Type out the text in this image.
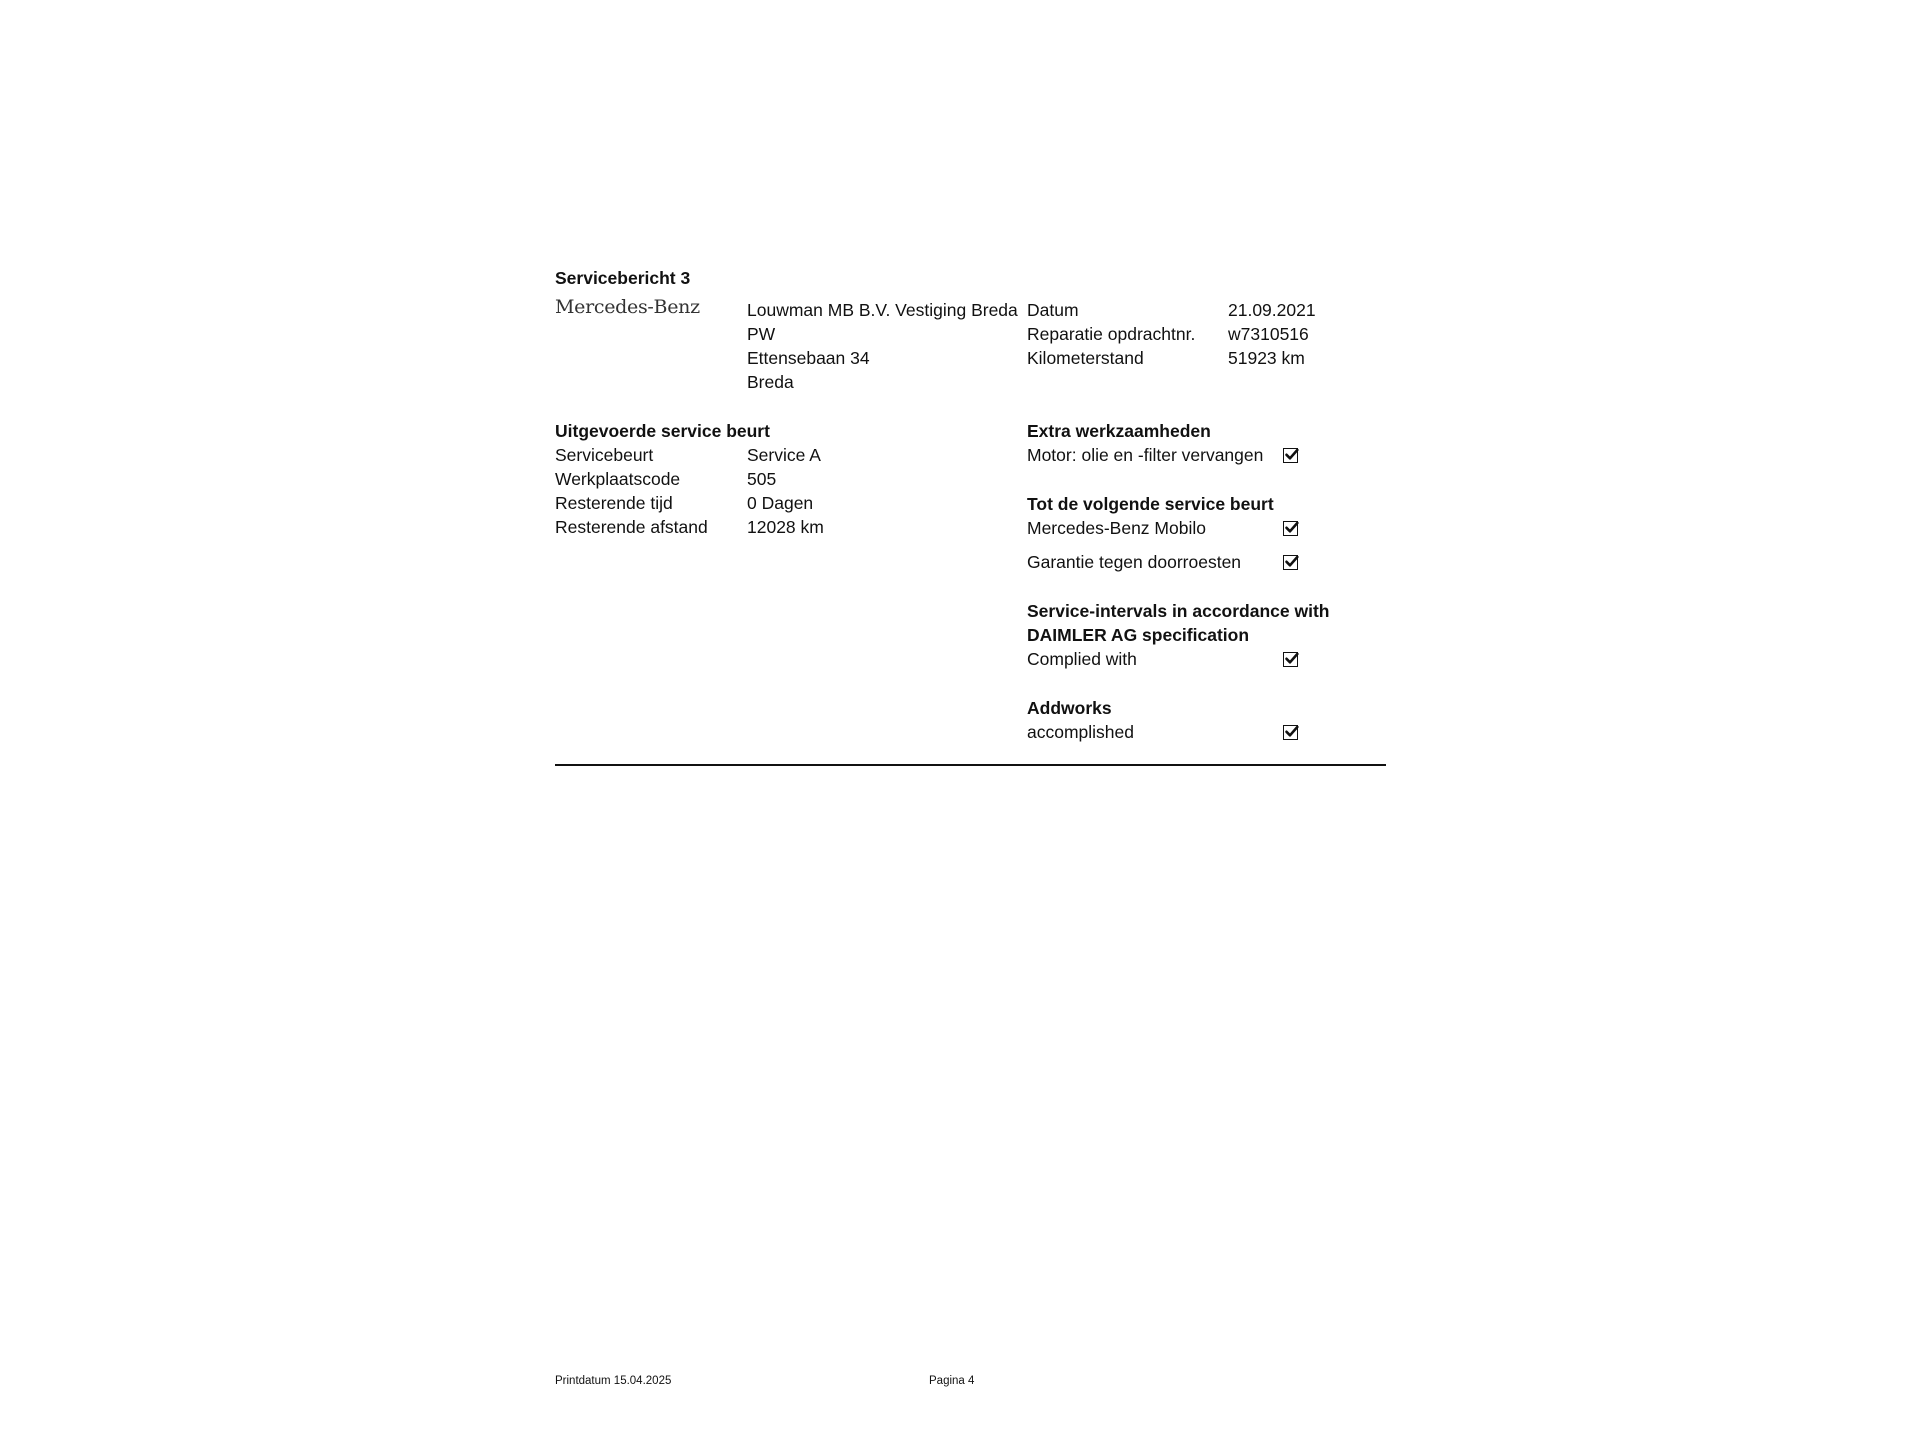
Servicebericht 3
Mercedes-Benz	Louwman MB B.V. Vestiging Breda
PW
Ettensebaan 34
Breda
Datum	21.09.2021
Reparatie opdrachtnr. w7310516
Kilometerstand	51923 km
Uitgevoerde service beurt
Servicebeurt	Service A
Werkplaatscode	505
Resterende tijd	0 Dagen
Resterende afstand 12028 km
Extra werkzaamheden
Motor: olie en -filter vervangen
Tot de volgende service beurt
Mercedes-Benz Mobilo
Garantie tegen doorroesten
Service-intervals in accordance with
DAIMLER AG specification
Complied with
Addworks
accomplished
Printdatum 15.04.2025	Pagina 4
